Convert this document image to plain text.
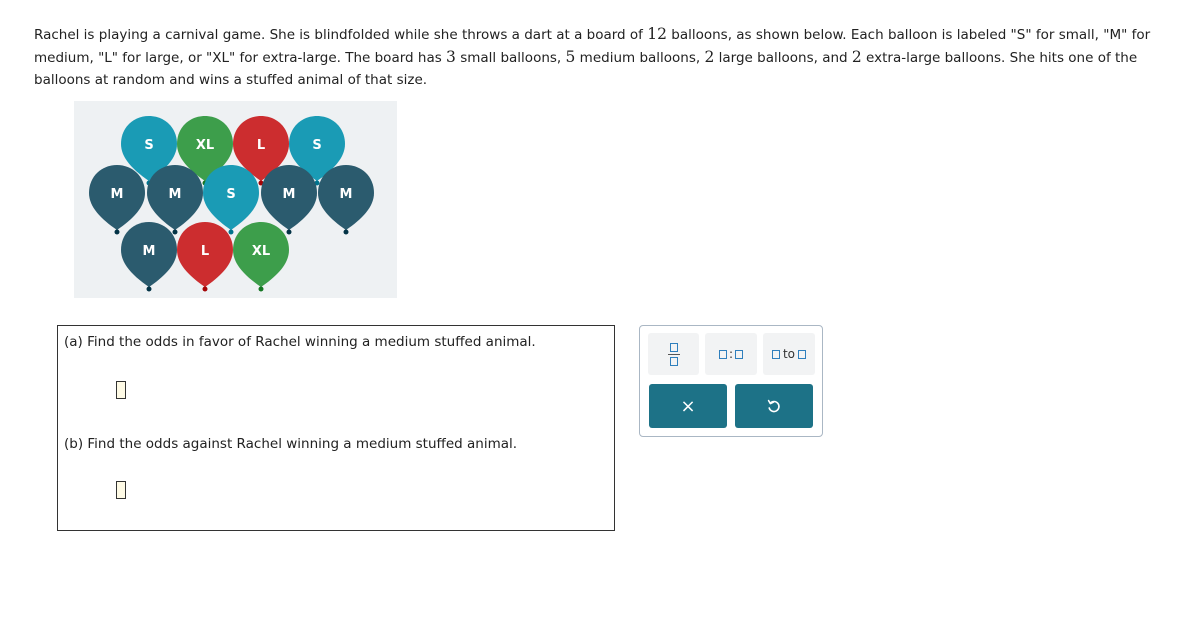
Rachel is playing a carnival game. She is blindfolded while she throws a dart at a board of 12 balloons, as shown below. Each balloon is labeled "S" for small, "M" for medium, "L" for large, or "XL" for extra-large. The board has 3 small balloons, 5 medium balloons, 2 large balloons, and 2 extra-large balloons. She hits one of the balloons at random and wins a stuffed animal of that size.
S	XL	L	S
M	M	S	M	M
M	L	XL
(a) Find the odds in favor of Rachel winning a medium stuffed animal.
(b) Find the odds against Rachel winning a medium stuffed animal.
:	to
×
